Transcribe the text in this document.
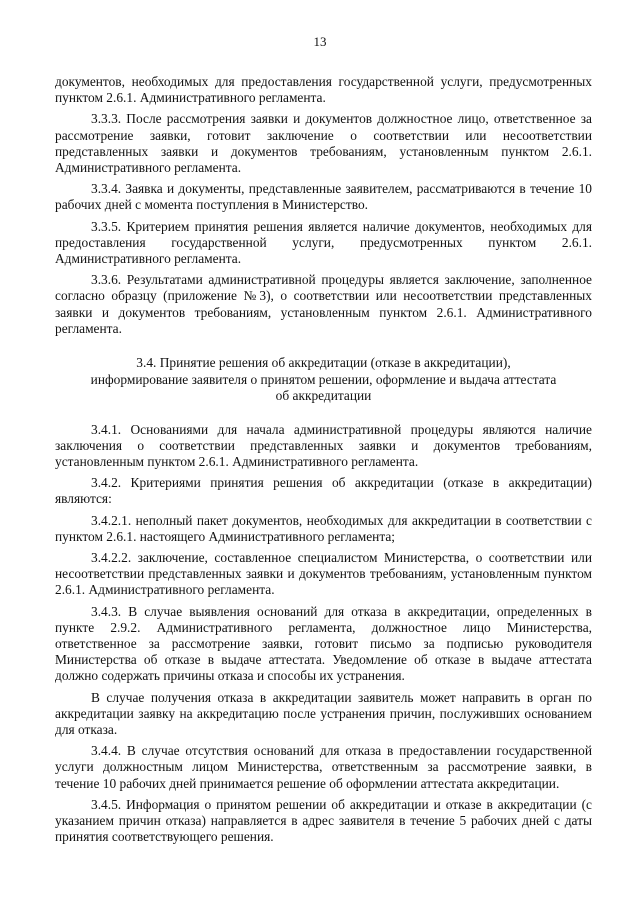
13

документов, необходимых для предоставления государственной услуги, предусмотренных пунктом 2.6.1. Административного регламента.

3.3.3. После рассмотрения заявки и документов должностное лицо, ответственное за рассмотрение заявки, готовит заключение о соответствии или несоответствии представленных заявки и документов требованиям, установленным пунктом 2.6.1. Административного регламента.

3.3.4. Заявка и документы, представленные заявителем, рассматриваются в течение 10 рабочих дней с момента поступления в Министерство.

3.3.5. Критерием принятия решения является наличие документов, необходимых для предоставления государственной услуги, предусмотренных пунктом 2.6.1. Административного регламента.

3.3.6. Результатами административной процедуры является заключение, заполненное согласно образцу (приложение №3), о соответствии или несоответствии представленных заявки и документов требованиям, установленным пунктом 2.6.1. Административного регламента.

3.4. Принятие решения об аккредитации (отказе в аккредитации),
информирование заявителя о принятом решении, оформление и выдача аттестата
об аккредитации

3.4.1. Основаниями для начала административной процедуры являются наличие заключения о соответствии представленных заявки и документов требованиям, установленным пунктом 2.6.1. Административного регламента.

3.4.2. Критериями принятия решения об аккредитации (отказе в аккредитации) являются:

3.4.2.1. неполный пакет документов, необходимых для аккредитации в соответствии с пунктом 2.6.1. настоящего Административного регламента;

3.4.2.2. заключение, составленное специалистом Министерства, о соответствии или несоответствии представленных заявки и документов требованиям, установленным пунктом 2.6.1. Административного регламента.

3.4.3. В случае выявления оснований для отказа в аккредитации, определенных в пункте 2.9.2. Административного регламента, должностное лицо Министерства, ответственное за рассмотрение заявки, готовит письмо за подписью руководителя Министерства об отказе в выдаче аттестата. Уведомление об отказе в выдаче аттестата должно содержать причины отказа и способы их устранения.

В случае получения отказа в аккредитации заявитель может направить в орган по аккредитации заявку на аккредитацию после устранения причин, послуживших основанием для отказа.

3.4.4. В случае отсутствия оснований для отказа в предоставлении государственной услуги должностным лицом Министерства, ответственным за рассмотрение заявки, в течение 10 рабочих дней принимается решение об оформлении аттестата аккредитации.

3.4.5. Информация о принятом решении об аккредитации и отказе в аккредитации (с указанием причин отказа) направляется в адрес заявителя в течение 5 рабочих дней с даты принятия соответствующего решения.
